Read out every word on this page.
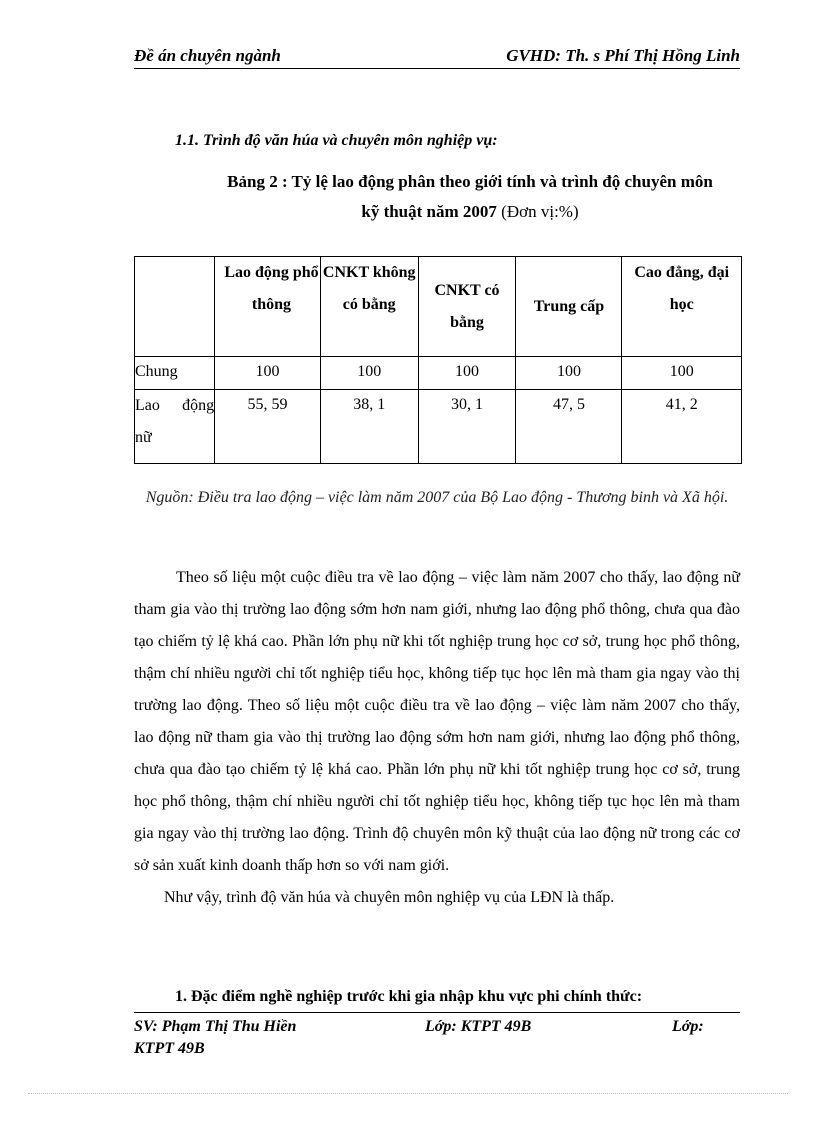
Đề án chuyên ngành	GVHD: Th. s Phí Thị Hồng Linh
1.1. Trình độ văn húa và chuyên môn nghiệp vụ:
Bảng 2 : Tỷ lệ lao động phân theo giới tính và trình độ chuyên môn
kỹ thuật năm 2007 (Đơn vị:%)

	Lao động phổ thông	CNKT không có bằng	CNKT có bằng	Trung cấp	Cao đẳng, đại học

Chung	100	100	100	100	100
Lao động nữ	55, 59	38, 1	30, 1	47, 5	41, 2
Nguồn: Điều tra lao động – việc làm năm 2007 của Bộ Lao động - Thương binh và Xã hội.

Theo số liệu một cuộc điều tra về lao động – việc làm năm 2007 cho thấy, lao động nữ tham gia vào thị trường lao động sớm hơn nam giới, nhưng lao động phổ thông, chưa qua đào tạo chiếm tỷ lệ khá cao. Phần lớn phụ nữ khi tốt nghiệp trung học cơ sở, trung học phổ thông, thậm chí nhiều người chỉ tốt nghiệp tiểu học, không tiếp tục học lên mà tham gia ngay vào thị trường lao động. Theo số liệu một cuộc điều tra về lao động – việc làm năm 2007 cho thấy, lao động nữ tham gia vào thị trường lao động sớm hơn nam giới, nhưng lao động phổ thông, chưa qua đào tạo chiếm tỷ lệ khá cao. Phần lớn phụ nữ khi tốt nghiệp trung học cơ sở, trung học phổ thông, thậm chí nhiều người chỉ tốt nghiệp tiểu học, không tiếp tục học lên mà tham gia ngay vào thị trường lao động. Trình độ chuyên môn kỹ thuật của lao động nữ trong các cơ sở sản xuất kinh doanh thấp hơn so với nam giới.

Như vậy, trình độ văn húa và chuyên môn nghiệp vụ của LĐN là thấp.

1. Đặc điểm nghề nghiệp trước khi gia nhập khu vực phi chính thức:
SV: Phạm Thị Thu Hiền	Lớp: KTPT 49B	Lớp:
KTPT 49B
